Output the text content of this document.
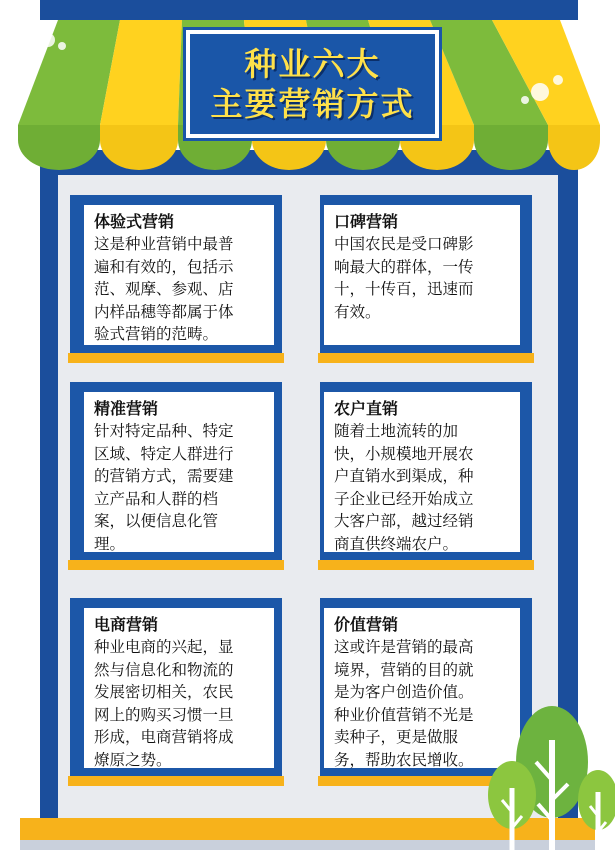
种业六大
主要营销方式
体验式营销
这是种业营销中最普
遍和有效的，包括示
范、观摩、参观、店
内样品穗等都属于体
验式营销的范畴。
口碑营销
中国农民是受口碑影
响最大的群体，一传
十，十传百，迅速而
有效。
精准营销
针对特定品种、特定
区域、特定人群进行
的营销方式，需要建
立产品和人群的档
案，以便信息化管
理。
农户直销
随着土地流转的加
快，小规模地开展农
户直销水到渠成，种
子企业已经开始成立
大客户部，越过经销
商直供终端农户。
电商营销
种业电商的兴起，显
然与信息化和物流的
发展密切相关，农民
网上的购买习惯一旦
形成，电商营销将成
燎原之势。
价值营销
这或许是营销的最高
境界，营销的目的就
是为客户创造价值。
种业价值营销不光是
卖种子，更是做服
务，帮助农民增收。
